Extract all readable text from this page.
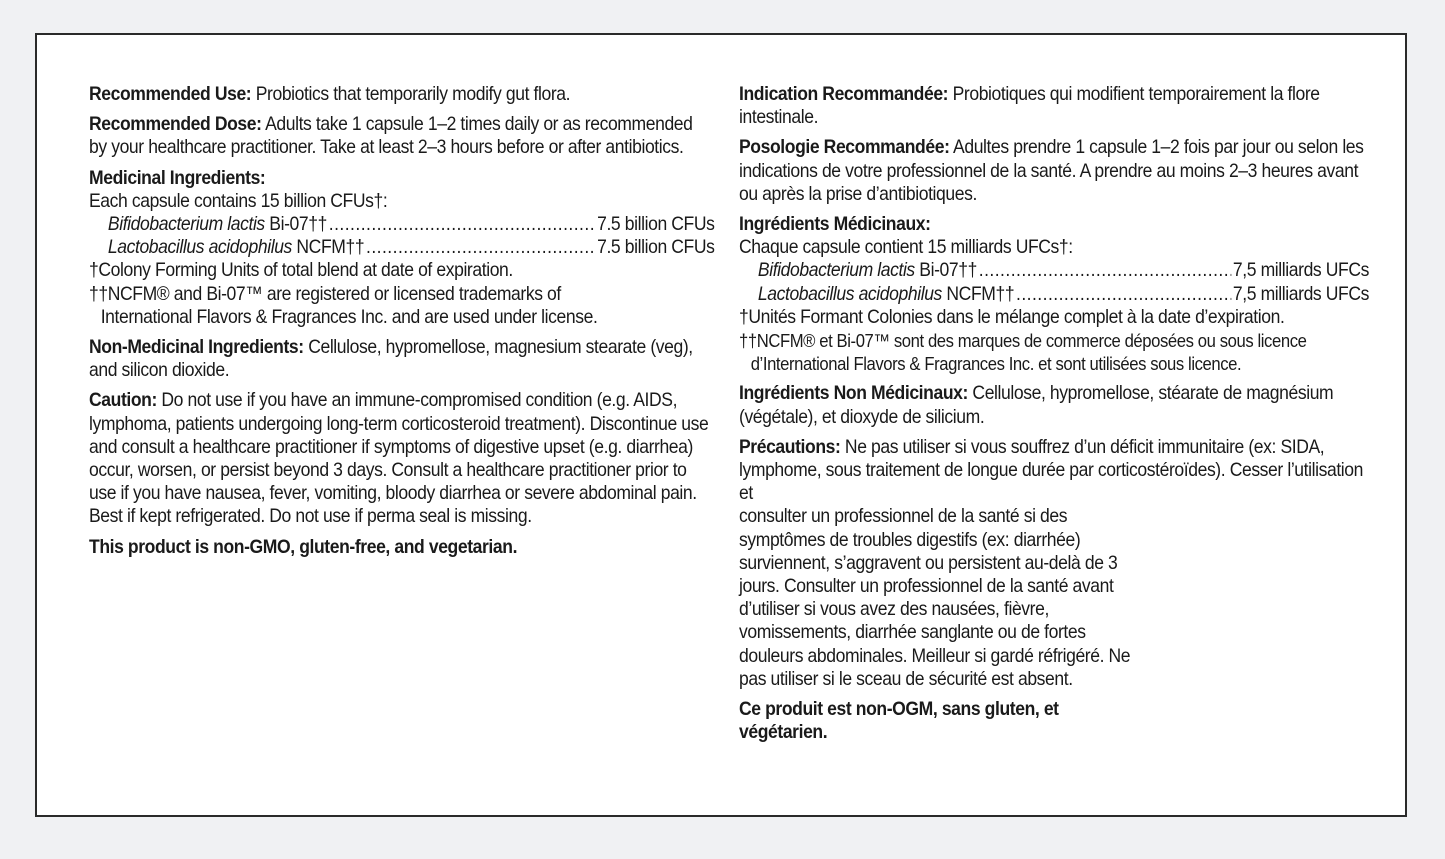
Recommended Use: Probiotics that temporarily modify gut flora.

Recommended Dose: Adults take 1 capsule 1–2 times daily or as recommended by your healthcare practitioner. Take at least 2–3 hours before or after antibiotics.

Medicinal Ingredients:
Each capsule contains 15 billion CFUs†:
Bifidobacterium lactis Bi-07†† .....	7.5 billion CFUs
Lactobacillus acidophilus NCFM†† .....	7.5 billion CFUs
†Colony Forming Units of total blend at date of expiration.
††NCFM® and Bi-07™ are registered or licensed trademarks of
International Flavors & Fragrances Inc. and are used under license.

Non-Medicinal Ingredients: Cellulose, hypromellose, magnesium stearate (veg), and silicon dioxide.

Caution: Do not use if you have an immune-compromised condition (e.g. AIDS, lymphoma, patients undergoing long-term corticosteroid treatment). Discontinue use and consult a healthcare practitioner if symptoms of digestive upset (e.g. diarrhea) occur, worsen, or persist beyond 3 days. Consult a healthcare practitioner prior to use if you have nausea, fever, vomiting, bloody diarrhea or severe abdominal pain. Best if kept refrigerated. Do not use if perma seal is missing.

This product is non-GMO, gluten-free, and vegetarian.

Indication Recommandée: Probiotiques qui modifient temporairement la flore intestinale.

Posologie Recommandée: Adultes prendre 1 capsule 1–2 fois par jour ou selon les indications de votre professionnel de la santé. A prendre au moins 2–3 heures avant ou après la prise d’antibiotiques.

Ingrédients Médicinaux:
Chaque capsule contient 15 milliards UFCs†:
Bifidobacterium lactis Bi-07†† .....	7,5 milliards UFCs
Lactobacillus acidophilus NCFM†† .....	7,5 milliards UFCs
†Unités Formant Colonies dans le mélange complet à la date d’expiration.
††NCFM® et Bi-07™ sont des marques de commerce déposées ou sous licence
d’International Flavors & Fragrances Inc. et sont utilisées sous licence.

Ingrédients Non Médicinaux: Cellulose, hypromellose, stéarate de magnésium (végétale), et dioxyde de silicium.

Précautions: Ne pas utiliser si vous souffrez d’un déficit immunitaire (ex: SIDA, lymphome, sous traitement de longue durée par corticostéroïdes). Cesser l’utilisation et
consulter un professionnel de la santé si des symptômes de troubles digestifs (ex: diarrhée) surviennent, s’aggravent ou persistent au-delà de 3 jours. Consulter un professionnel de la santé avant d’utiliser si vous avez des nausées, fièvre, vomissements, diarrhée sanglante ou de fortes douleurs abdominales. Meilleur si gardé réfrigéré. Ne pas utiliser si le sceau de sécurité est absent.

Ce produit est non-OGM, sans gluten, et végétarien.
